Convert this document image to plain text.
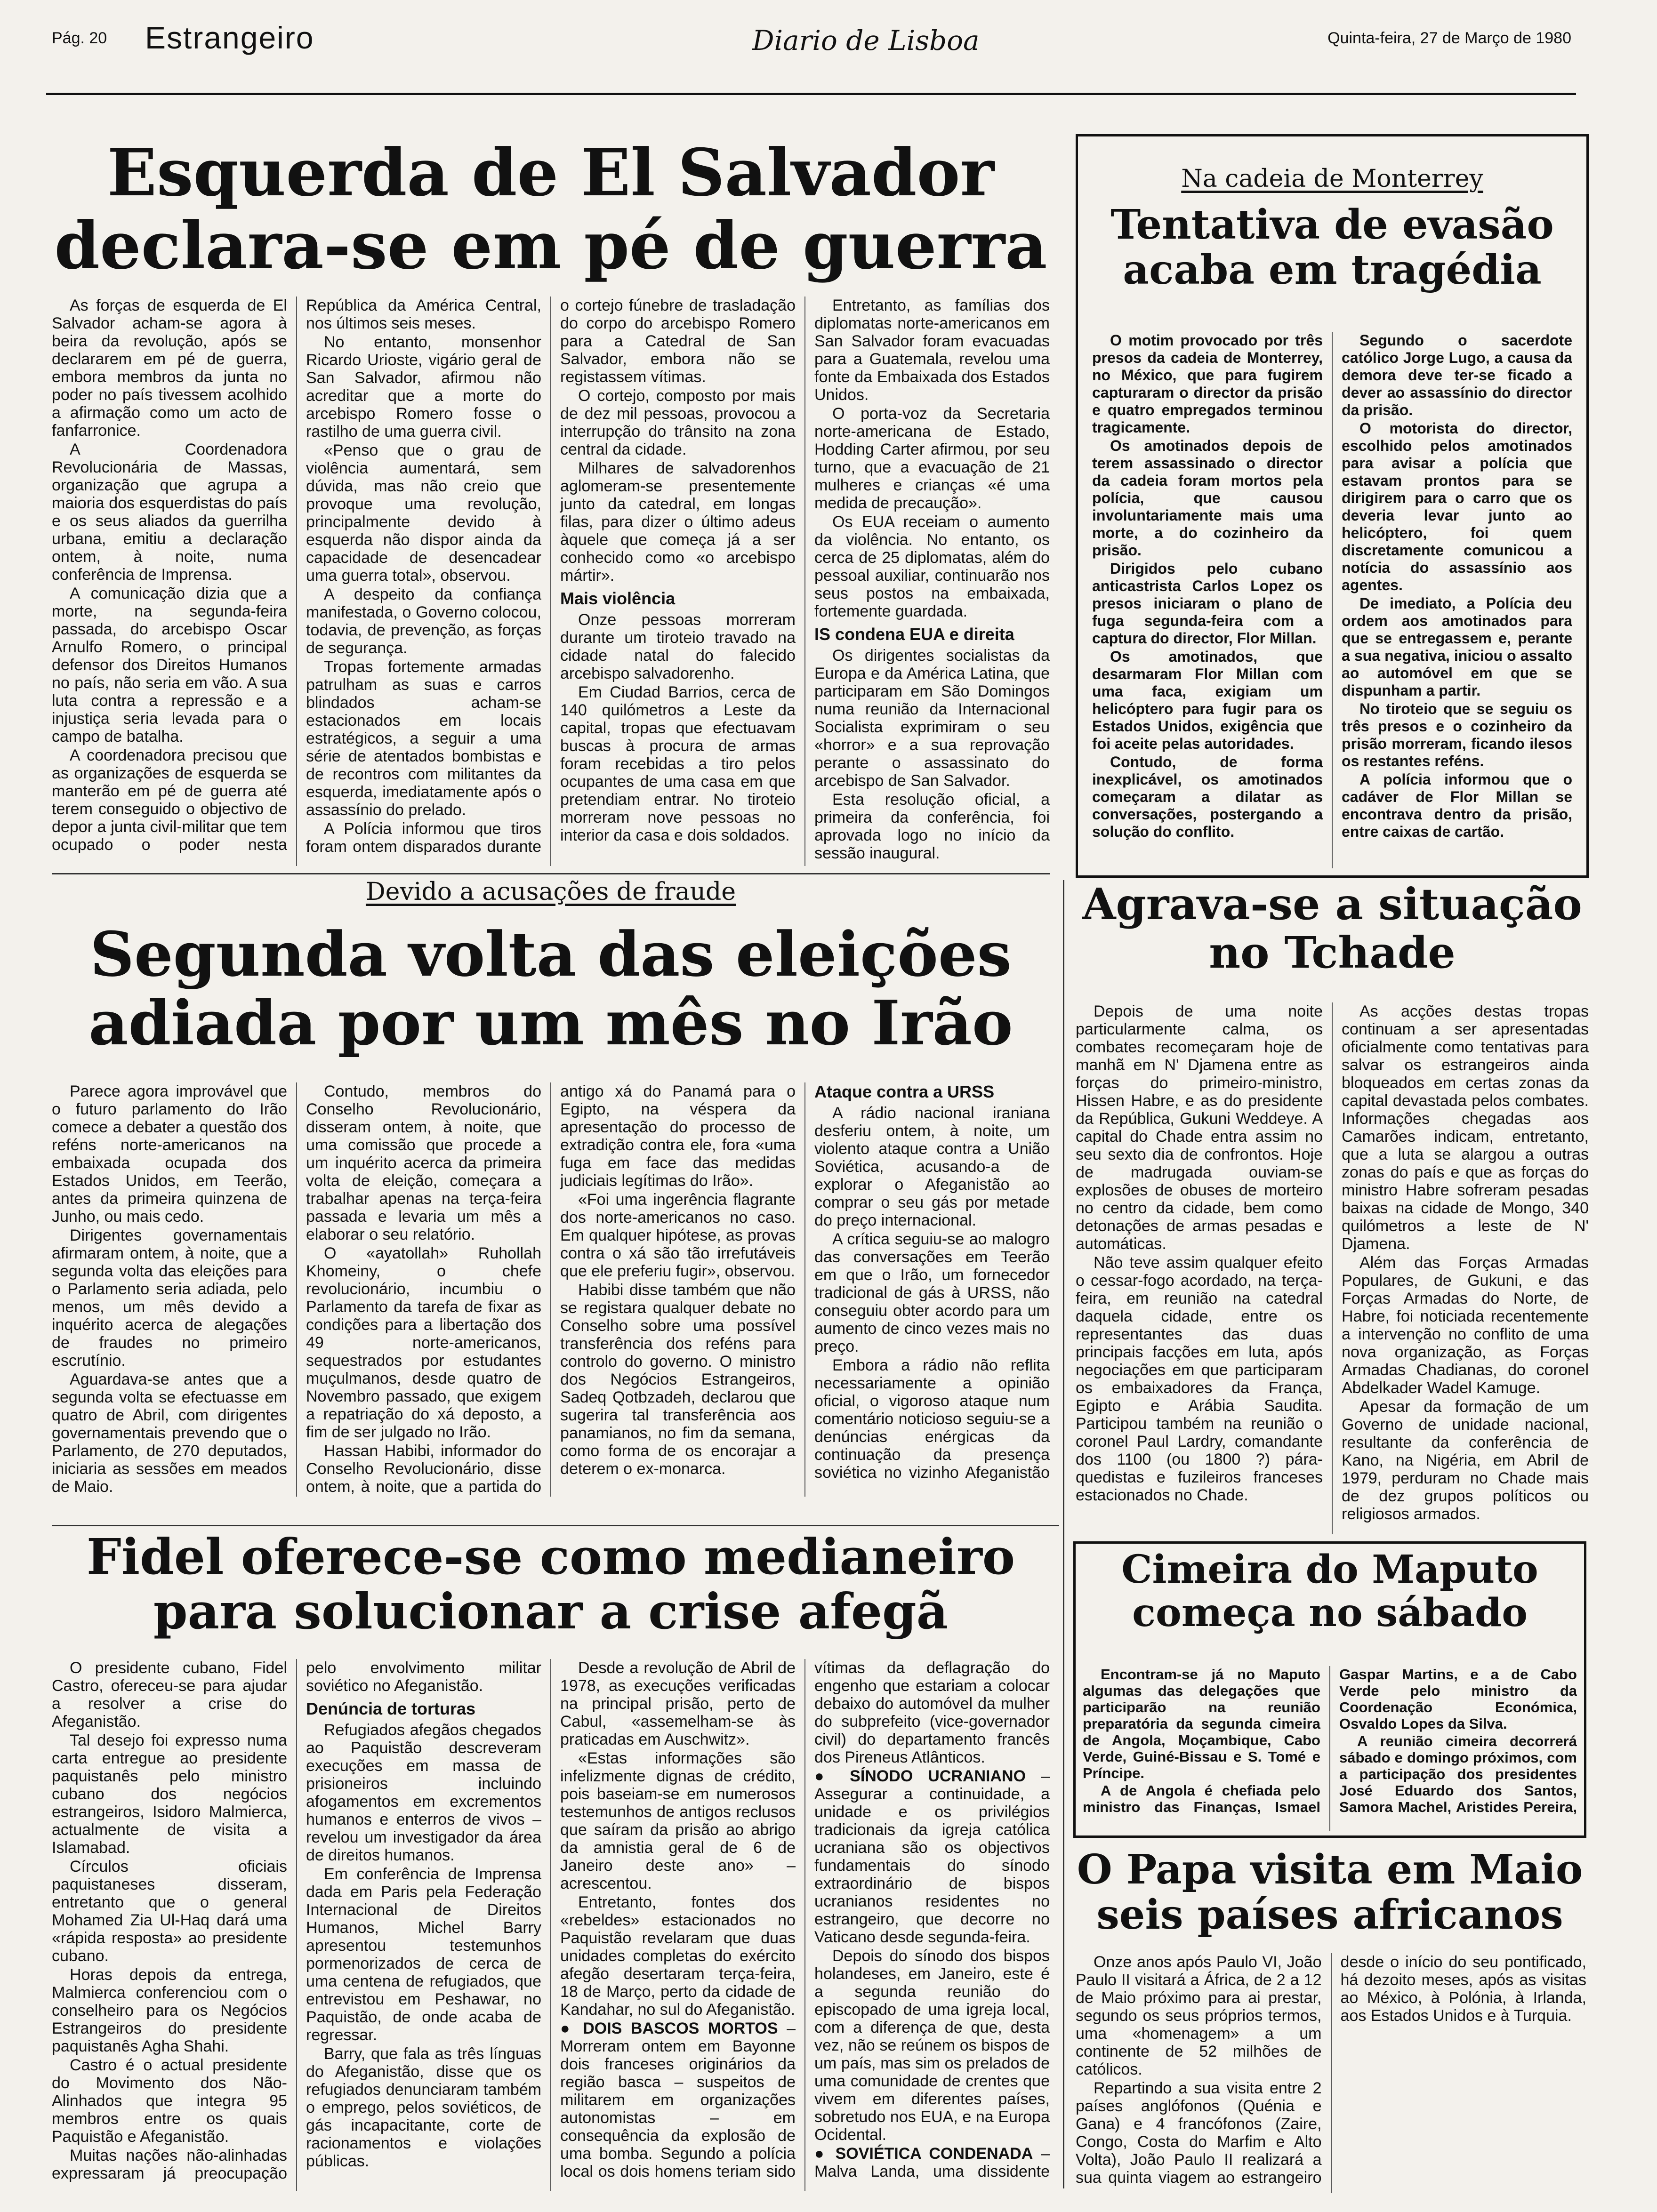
Pág. 20 Estrangeiro	Diario de Lisboa	Quinta-feira, 27 de Março de 1980
Esquerda de El Salvador
declara-se em pé de guerra

As forças de esquerda de El Salvador acham-se agora à beira da revolução, após se declararem em pé de guerra, embora membros da junta no poder no país tivessem acolhido a afirmação como um acto de fanfarronice.

A Coordenadora Revolucionária de Massas, organização que agrupa a maioria dos esquerdistas do país e os seus aliados da guerrilha urbana, emitiu a declaração ontem, à noite, numa conferência de Imprensa.

A comunicação dizia que a morte, na segunda-feira passada, do arcebispo Oscar Arnulfo Romero, o principal defensor dos Direitos Humanos no país, não seria em vão. A sua luta contra a repressão e a injustiça seria levada para o campo de batalha.

A coordenadora precisou que as organizações de esquerda se manterão em pé de guerra até terem conseguido o objectivo de depor a junta civil-militar que tem ocupado o poder nesta República da América Central, nos últimos seis meses.

No entanto, monsenhor Ricardo Urioste, vigário geral de San Salvador, afirmou não acreditar que a morte do arcebispo Romero fosse o rastilho de uma guerra civil.

«Penso que o grau de violência aumentará, sem dúvida, mas não creio que provoque uma revolução, principalmente devido à esquerda não dispor ainda da capacidade de desencadear uma guerra total», observou.

A despeito da confiança manifestada, o Governo colocou, todavia, de prevenção, as forças de segurança.

Tropas fortemente armadas patrulham as suas e carros blindados acham-se estacionados em locais estratégicos, a seguir a uma série de atentados bombistas e de recontros com militantes da esquerda, imediatamente após o assassínio do prelado.

A Polícia informou que tiros foram ontem disparados durante o cortejo fúnebre de trasladação do corpo do arcebispo Romero para a Catedral de San Salvador, embora não se registassem vítimas.

O cortejo, composto por mais de dez mil pessoas, provocou a interrupção do trânsito na zona central da cidade.

Milhares de salvadorenhos aglomeram-se presentemente junto da catedral, em longas filas, para dizer o último adeus àquele que começa já a ser conhecido como «o arcebispo mártir».

Mais violência

Onze pessoas morreram durante um tiroteio travado na cidade natal do falecido arcebispo salvadorenho.

Em Ciudad Barrios, cerca de 140 quilómetros a Leste da capital, tropas que efectuavam buscas à procura de armas foram recebidas a tiro pelos ocupantes de uma casa em que pretendiam entrar. No tiroteio morreram nove pessoas no interior da casa e dois soldados.

Entretanto, as famílias dos diplomatas norte-americanos em San Salvador foram evacuadas para a Guatemala, revelou uma fonte da Embaixada dos Estados Unidos.

O porta-voz da Secretaria norte-americana de Estado, Hodding Carter afirmou, por seu turno, que a evacuação de 21 mulheres e crianças «é uma medida de precaução».

Os EUA receiam o aumento da violência. No entanto, os cerca de 25 diplomatas, além do pessoal auxiliar, continuarão nos seus postos na embaixada, fortemente guardada.

IS condena EUA e direita

Os dirigentes socialistas da Europa e da América Latina, que participaram em São Domingos numa reunião da Internacional Socialista exprimiram o seu «horror» e a sua reprovação perante o assassinato do arcebispo de San Salvador.

Esta resolução oficial, a primeira da conferência, foi aprovada logo no início da sessão inaugural.

Na cadeia de Monterrey
Tentativa de evasão
acaba em tragédia

O motim provocado por três presos da cadeia de Monterrey, no México, que para fugirem capturaram o director da prisão e quatro empregados terminou tragicamente.

Os amotinados depois de terem assassinado o director da cadeia foram mortos pela polícia, que causou involuntariamente mais uma morte, a do cozinheiro da prisão.

Dirigidos pelo cubano anticastrista Carlos Lopez os presos iniciaram o plano de fuga segunda-feira com a captura do director, Flor Millan.

Os amotinados, que desarmaram Flor Millan com uma faca, exigiam um helicóptero para fugir para os Estados Unidos, exigência que foi aceite pelas autoridades.

Contudo, de forma inexplicável, os amotinados começaram a dilatar as conversações, postergando a solução do conflito.

Segundo o sacerdote católico Jorge Lugo, a causa da demora deve ter-se ficado a dever ao assassínio do director da prisão.

O motorista do director, escolhido pelos amotinados para avisar a polícia que estavam prontos para se dirigirem para o carro que os deveria levar junto ao helicóptero, foi quem discretamente comunicou a notícia do assassínio aos agentes.

De imediato, a Polícia deu ordem aos amotinados para que se entregassem e, perante a sua negativa, iniciou o assalto ao automóvel em que se dispunham a partir.

No tiroteio que se seguiu os três presos e o cozinheiro da prisão morreram, ficando ilesos os restantes reféns.

A polícia informou que o cadáver de Flor Millan se encontrava dentro da prisão, entre caixas de cartão.

Devido a acusações de fraude
Segunda volta das eleições
adiada por um mês no Irão

Parece agora improvável que o futuro parlamento do Irão comece a debater a questão dos reféns norte-americanos na embaixada ocupada dos Estados Unidos, em Teerão, antes da primeira quinzena de Junho, ou mais cedo.

Dirigentes governamentais afirmaram ontem, à noite, que a segunda volta das eleições para o Parlamento seria adiada, pelo menos, um mês devido a inquérito acerca de alegações de fraudes no primeiro escrutínio.

Aguardava-se antes que a segunda volta se efectuasse em quatro de Abril, com dirigentes governamentais prevendo que o Parlamento, de 270 deputados, iniciaria as sessões em meados de Maio.

Contudo, membros do Conselho Revolucionário, disseram ontem, à noite, que uma comissão que procede a um inquérito acerca da primeira volta de eleição, começara a trabalhar apenas na terça-feira passada e levaria um mês a elaborar o seu relatório.

O «ayatollah» Ruhollah Khomeiny, o chefe revolucionário, incumbiu o Parlamento da tarefa de fixar as condições para a libertação dos 49 norte-americanos, sequestrados por estudantes muçulmanos, desde quatro de Novembro passado, que exigem a repatriação do xá deposto, a fim de ser julgado no Irão.

Hassan Habibi, informador do Conselho Revolucionário, disse ontem, à noite, que a partida do antigo xá do Panamá para o Egipto, na véspera da apresentação do processo de extradição contra ele, fora «uma fuga em face das medidas judiciais legítimas do Irão».

«Foi uma ingerência flagrante dos norte-americanos no caso. Em qualquer hipótese, as provas contra o xá são tão irrefutáveis que ele preferiu fugir», observou.

Habibi disse também que não se registara qualquer debate no Conselho sobre uma possível transferência dos reféns para controlo do governo. O ministro dos Negócios Estrangeiros, Sadeq Qotbzadeh, declarou que sugerira tal transferência aos panamianos, no fim da semana, como forma de os encorajar a deterem o ex-monarca.

Ataque contra a URSS

A rádio nacional iraniana desferiu ontem, à noite, um violento ataque contra a União Soviética, acusando-a de explorar o Afeganistão ao comprar o seu gás por metade do preço internacional.

A crítica seguiu-se ao malogro das conversações em Teerão em que o Irão, um fornecedor tradicional de gás à URSS, não conseguiu obter acordo para um aumento de cinco vezes mais no preço.

Embora a rádio não reflita necessariamente a opinião oficial, o vigoroso ataque num comentário noticioso seguiu-se a denúncias enérgicas da continuação da presença soviética no vizinho Afeganistão

Agrava-se a situação
no Tchade

Depois de uma noite particularmente calma, os combates recomeçaram hoje de manhã em N' Djamena entre as forças do primeiro-ministro, Hissen Habre, e as do presidente da República, Gukuni Weddeye. A capital do Chade entra assim no seu sexto dia de confrontos. Hoje de madrugada ouviam-se explosões de obuses de morteiro no centro da cidade, bem como detonações de armas pesadas e automáticas.

Não teve assim qualquer efeito o cessar-fogo acordado, na terça-feira, em reunião na catedral daquela cidade, entre os representantes das duas principais facções em luta, após negociações em que participaram os embaixadores da França, Egipto e Arábia Saudita. Participou também na reunião o coronel Paul Lardry, comandante dos 1100 (ou 1800 ?) pára-quedistas e fuzileiros franceses estacionados no Chade.

As acções destas tropas continuam a ser apresentadas oficialmente como tentativas para salvar os estrangeiros ainda bloqueados em certas zonas da capital devastada pelos combates. Informações chegadas aos Camarões indicam, entretanto, que a luta se alargou a outras zonas do país e que as forças do ministro Habre sofreram pesadas baixas na cidade de Mongo, 340 quilómetros a leste de N' Djamena.

Além das Forças Armadas Populares, de Gukuni, e das Forças Armadas do Norte, de Habre, foi noticiada recentemente a intervenção no conflito de uma nova organização, as Forças Armadas Chadianas, do coronel Abdelkader Wadel Kamuge.

Apesar da formação de um Governo de unidade nacional, resultante da conferência de Kano, na Nigéria, em Abril de 1979, perduram no Chade mais de dez grupos políticos ou religiosos armados.

Fidel oferece-se como medianeiro
para solucionar a crise afegã

O presidente cubano, Fidel Castro, ofereceu-se para ajudar a resolver a crise do Afeganistão.

Tal desejo foi expresso numa carta entregue ao presidente paquistanês pelo ministro cubano dos negócios estrangeiros, Isidoro Malmierca, actualmente de visita a Islamabad.

Círculos oficiais paquistaneses disseram, entretanto que o general Mohamed Zia Ul-Haq dará uma «rápida resposta» ao presidente cubano.

Horas depois da entrega, Malmierca conferenciou com o conselheiro para os Negócios Estrangeiros do presidente paquistanês Agha Shahi.

Castro é o actual presidente do Movimento dos Não-Alinhados que integra 95 membros entre os quais Paquistão e Afeganistão.

Muitas nações não-alinhadas expressaram já preocupação pelo envolvimento militar soviético no Afeganistão.

Denúncia de torturas

Refugiados afegãos chegados ao Paquistão descreveram execuções em massa de prisioneiros incluindo afogamentos em excrementos humanos e enterros de vivos – revelou um investigador da área de direitos humanos.

Em conferência de Imprensa dada em Paris pela Federação Internacional de Direitos Humanos, Michel Barry apresentou testemunhos pormenorizados de cerca de uma centena de refugiados, que entrevistou em Peshawar, no Paquistão, de onde acaba de regressar.

Barry, que fala as três línguas do Afeganistão, disse que os refugiados denunciaram também o emprego, pelos soviéticos, de gás incapacitante, corte de racionamentos e violações públicas.

Desde a revolução de Abril de 1978, as execuções verificadas na principal prisão, perto de Cabul, «assemelham-se às praticadas em Auschwitz».

«Estas informações são infelizmente dignas de crédito, pois baseiam-se em numerosos testemunhos de antigos reclusos que saíram da prisão ao abrigo da amnistia geral de 6 de Janeiro deste ano» – acrescentou.

Entretanto, fontes dos «rebeldes» estacionados no Paquistão revelaram que duas unidades completas do exército afegão desertaram terça-feira, 18 de Março, perto da cidade de Kandahar, no sul do Afeganistão.

● DOIS BASCOS MORTOS – Morreram ontem em Bayonne dois franceses originários da região basca – suspeitos de militarem em organizações autonomistas – em consequência da explosão de uma bomba. Segundo a polícia local os dois homens teriam sido vítimas da deflagração do engenho que estariam a colocar debaixo do automóvel da mulher do subprefeito (vice-governador civil) do departamento francês dos Pireneus Atlânticos.

● SÍNODO UCRANIANO – Assegurar a continuidade, a unidade e os privilégios tradicionais da igreja católica ucraniana são os objectivos fundamentais do sínodo extraordinário de bispos ucranianos residentes no estrangeiro, que decorre no Vaticano desde segunda-feira.

Depois do sínodo dos bispos holandeses, em Janeiro, este é a segunda reunião do episcopado de uma igreja local, com a diferença de que, desta vez, não se reúnem os bispos de um país, mas sim os prelados de uma comunidade de crentes que vivem em diferentes países, sobretudo nos EUA, e na Europa Ocidental.

● SOVIÉTICA CONDENADA – Malva Landa, uma dissidente

Cimeira do Maputo
começa no sábado

Encontram-se já no Maputo algumas das delegações que participarão na reunião preparatória da segunda cimeira de Angola, Moçambique, Cabo Verde, Guiné-Bissau e S. Tomé e Príncipe.

A de Angola é chefiada pelo ministro das Finanças, Ismael Gaspar Martins, e a de Cabo Verde pelo ministro da Coordenação Económica, Osvaldo Lopes da Silva.

A reunião cimeira decorrerá sábado e domingo próximos, com a participação dos presidentes José Eduardo dos Santos, Samora Machel, Aristides Pereira,

O Papa visita em Maio
seis países africanos

Onze anos após Paulo VI, João Paulo II visitará a África, de 2 a 12 de Maio próximo para ai prestar, segundo os seus próprios termos, uma «homenagem» a um continente de 52 milhões de católicos.

Repartindo a sua visita entre 2 países anglófonos (Quénia e Gana) e 4 francófonos (Zaire, Congo, Costa do Marfim e Alto Volta), João Paulo II realizará a sua quinta viagem ao estrangeiro desde o início do seu pontificado, há dezoito meses, após as visitas ao México, à Polónia, à Irlanda, aos Estados Unidos e à Turquia.
